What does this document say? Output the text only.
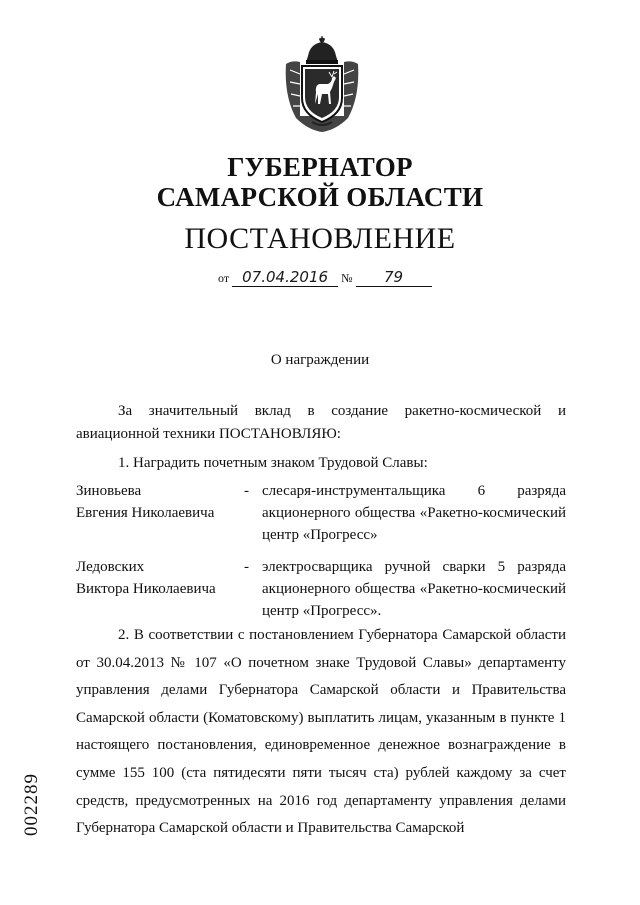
ГУБЕРНАТОР
САМАРСКОЙ ОБЛАСТИ
ПОСТАНОВЛЕНИЕ
от 07.04.2016 № 79
О награждении
За значительный вклад в создание ракетно-космической и авиационной техники ПОСТАНОВЛЯЮ:
1. Наградить почетным знаком Трудовой Славы:
Зиновьева
Евгения Николаевича
- слесаря-инструментальщика 6 разряда акционерного общества «Ракетно-космический центр «Прогресс»
Ледовских
Виктора Николаевича
- электросварщика ручной сварки 5 разряда акционерного общества «Ракетно-космический центр «Прогресс».
2. В соответствии с постановлением Губернатора Самарской области от 30.04.2013 № 107 «О почетном знаке Трудовой Славы» департаменту управления делами Губернатора Самарской области и Правительства Самарской области (Коматовскому) выплатить лицам, указанным в пункте 1 настоящего постановления, единовременное денежное вознаграждение в сумме 155 100 (ста пятидесяти пяти тысяч ста) рублей каждому за счет средств, предусмотренных на 2016 год департаменту управления делами Губернатора Самарской области и Правительства Самарской
002289
